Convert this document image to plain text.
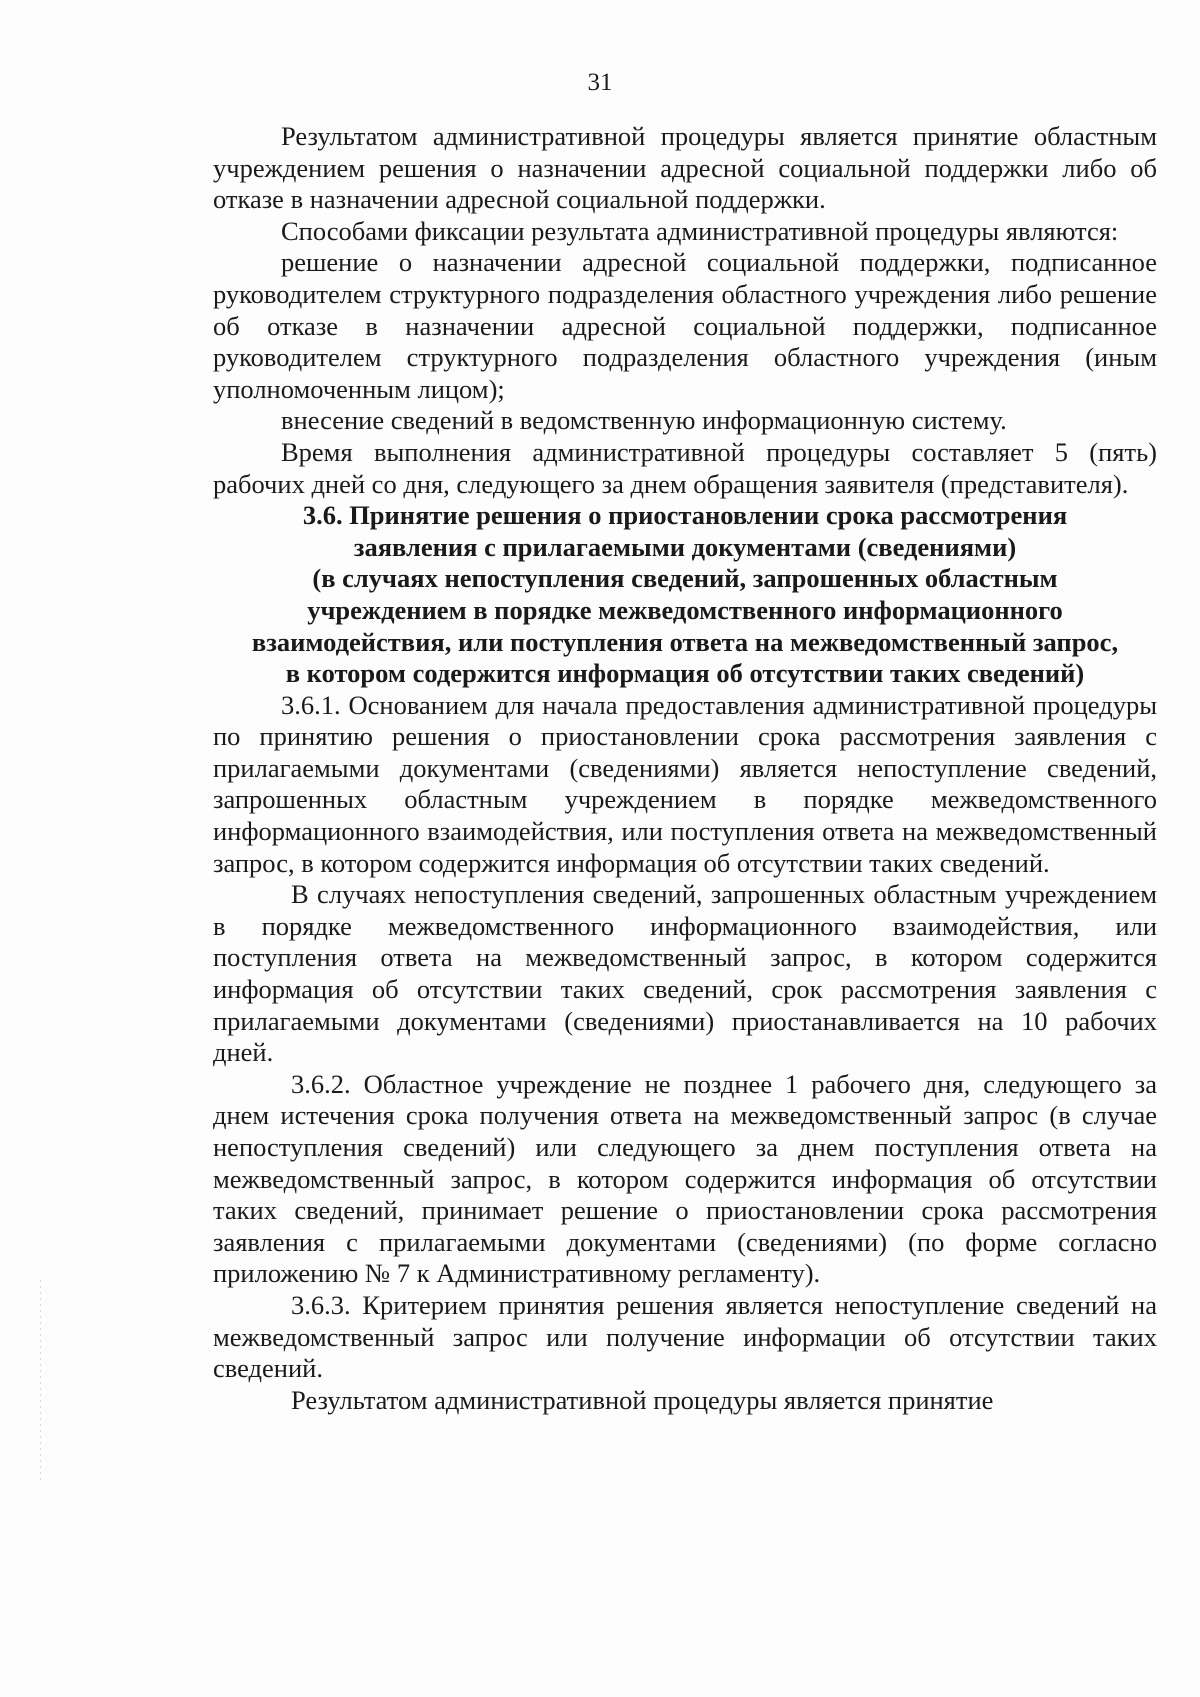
31

Результатом административной процедуры является принятие областным учреждением решения о назначении адресной социальной поддержки либо об отказе в назначении адресной социальной поддержки.

Способами фиксации результата административной процедуры являются:

решение о назначении адресной социальной поддержки, подписанное руководителем структурного подразделения областного учреждения либо решение об отказе в назначении адресной социальной поддержки, подписанное руководителем структурного подразделения областного учреждения (иным уполномоченным лицом);

внесение сведений в ведомственную информационную систему.

Время выполнения административной процедуры составляет 5 (пять) рабочих дней со дня, следующего за днем обращения заявителя (представителя).

3.6. Принятие решения о приостановлении срока рассмотрения

заявления с прилагаемыми документами (сведениями)

(в случаях непоступления сведений, запрошенных областным

учреждением в порядке межведомственного информационного

взаимодействия, или поступления ответа на межведомственный запрос,

в котором содержится информация об отсутствии таких сведений)

3.6.1. Основанием для начала предоставления административной процедуры по принятию решения о приостановлении срока рассмотрения заявления с прилагаемыми документами (сведениями) является непоступление сведений, запрошенных областным учреждением в порядке межведомственного информационного взаимодействия, или поступления ответа на межведомственный запрос, в котором содержится информация об отсутствии таких сведений.

В случаях непоступления сведений, запрошенных областным учреждением в порядке межведомственного информационного взаимодействия, или поступления ответа на межведомственный запрос, в котором содержится информация об отсутствии таких сведений, срок рассмотрения заявления с прилагаемыми документами (сведениями) приостанавливается на 10 рабочих дней.

3.6.2. Областное учреждение не позднее 1 рабочего дня, следующего за днем истечения срока получения ответа на межведомственный запрос (в случае непоступления сведений) или следующего за днем поступления ответа на межведомственный запрос, в котором содержится информация об отсутствии таких сведений, принимает решение о приостановлении срока рассмотрения заявления с прилагаемыми документами (сведениями) (по форме согласно приложению № 7 к Административному регламенту).

3.6.3. Критерием принятия решения является непоступление сведений на межведомственный запрос или получение информации об отсутствии таких сведений.

Результатом административной процедуры является принятие
